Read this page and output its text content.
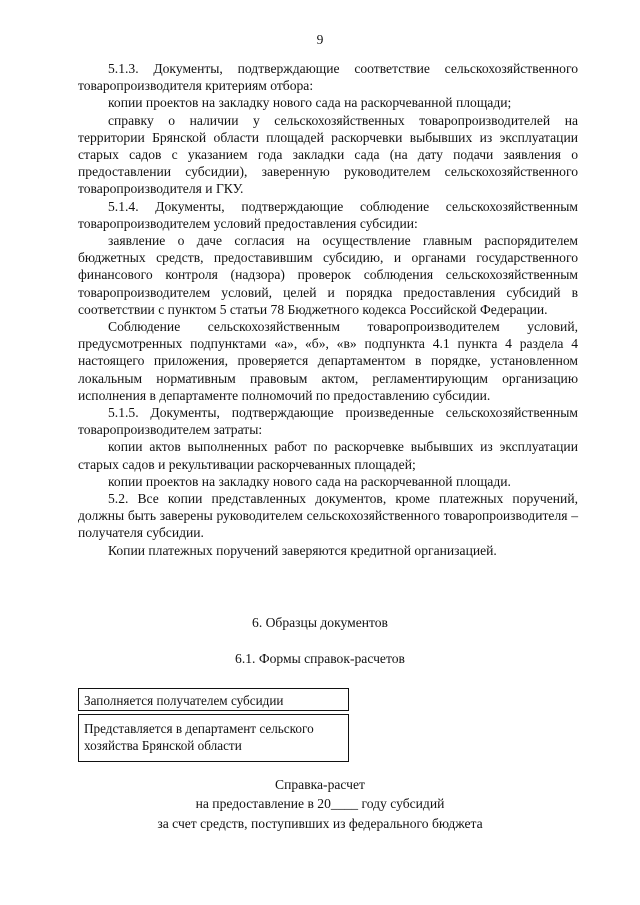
9

5.1.3. Документы, подтверждающие соответствие сельскохозяйственного товаропроизводителя критериям отбора:

копии проектов на закладку нового сада на раскорчеванной площади;

справку о наличии у сельскохозяйственных товаропроизводителей на территории Брянской области площадей раскорчевки выбывших из эксплуатации старых садов с указанием года закладки сада (на дату подачи заявления о предоставлении субсидии), заверенную руководителем сельскохозяйственного товаропроизводителя и ГКУ.

5.1.4. Документы, подтверждающие соблюдение сельскохозяйственным товаропроизводителем условий предоставления субсидии:

заявление о даче согласия на осуществление главным распорядителем бюджетных средств, предоставившим субсидию, и органами государственного финансового контроля (надзора) проверок соблюдения сельскохозяйственным товаропроизводителем условий, целей и порядка предоставления субсидий в соответствии с пунктом 5 статьи 78 Бюджетного кодекса Российской Федерации.

Соблюдение сельскохозяйственным товаропроизводителем условий, предусмотренных подпунктами «а», «б», «в» подпункта 4.1 пункта 4 раздела 4 настоящего приложения, проверяется департаментом в порядке, установленном локальным нормативным правовым актом, регламентирующим организацию исполнения в департаменте полномочий по предоставлению субсидии.

5.1.5. Документы, подтверждающие произведенные сельскохозяйственным товаропроизводителем затраты:

копии актов выполненных работ по раскорчевке выбывших из эксплуатации старых садов и рекультивации раскорчеванных площадей;

копии проектов на закладку нового сада на раскорчеванной площади.

5.2. Все копии представленных документов, кроме платежных поручений, должны быть заверены руководителем сельскохозяйственного товаропроизводителя – получателя субсидии.

Копии платежных поручений заверяются кредитной организацией.

6. Образцы документов
6.1. Формы справок-расчетов
Заполняется получателем субсидии
Представляется в департамент сельского хозяйства Брянской области
Справка-расчет
на предоставление в 20____ году субсидий
за счет средств, поступивших из федерального бюджета
